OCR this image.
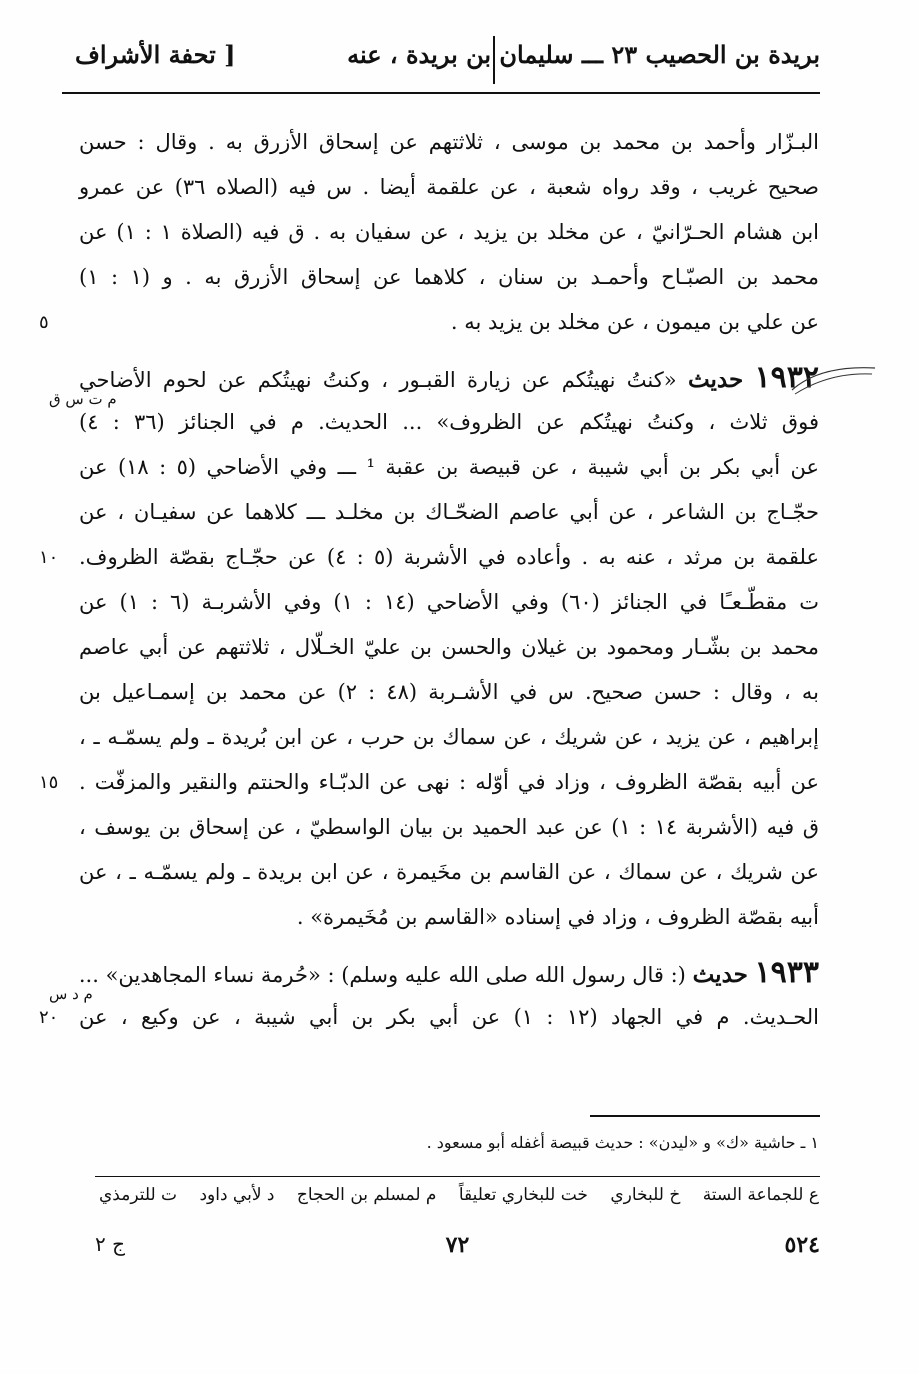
بريدة بن الحصيب ٢٣ ـــ سليمان بن بريدة ، عنه
[ تحفة الأشراف
البـزّار وأحمد بن محمد بن موسى ، ثلاثتهم عن إسحاق الأزرق به . وقال : حسن
صحيح غريب ، وقد رواه شعبة ، عن علقمة أيضا . س فيه (الصلاه ٣٦) عن عمرو
ابن هشام الحـرّانيّ ، عن مخلد بن يزيد ، عن سفيان به . ق فيه (الصلاة ١ : ١) عن
محمد بن الصبّـاح وأحمـد بن سنان ، كلاهما عن إسحاق الأزرق به . و (١ : ١)
عن علي بن ميمون ، عن مخلد بن يزيد به .
٥
١٩٣٢ حديث «كنتُ نهيتُكم عن زيارة القبـور ، وكنتُ نهيتُكم عن لحوم الأضاحي
م ت س ق
فوق ثلاث ، وكنتُ نهيتُكم عن الظروف» ... الحديث. م في الجنائز (٣٦ : ٤)
عن أبي بكر بن أبي شيبة ، عن قبيصة بن عقبة ¹ ـــ وفي الأضاحي (٥ : ١٨) عن
حجّـاج بن الشاعر ، عن أبي عاصم الضحّـاك بن مخلـد ـــ كلاهما عن سفيـان ، عن
علقمة بن مرثد ، عنه به . وأعاده في الأشربة (٥ : ٤) عن حجّـاج بقصّة الظروف.
١٠
ت مقطّـعـًا في الجنائز (٦٠) وفي الأضاحي (١٤ : ١) وفي الأشربـة (٦ : ١) عن
محمد بن بشّـار ومحمود بن غيلان والحسن بن عليّ الخـلّال ، ثلاثتهم عن أبي عاصم
به ، وقال : حسن صحيح. س في الأشـربة (٤٨ : ٢) عن محمد بن إسمـاعيل بن
إبراهيم ، عن يزيد ، عن شريك ، عن سماك بن حرب ، عن ابن بُريدة ـ ولم يسمّـه ـ ،
عن أبيه بقصّة الظروف ، وزاد في أوّله : نهى عن الدبّـاء والحنتم والنقير والمزفّت .
١٥
ق فيه (الأشربة ١٤ : ١) عن عبد الحميد بن بيان الواسطيّ ، عن إسحاق بن يوسف ،
عن شريك ، عن سماك ، عن القاسم بن مخَيمرة ، عن ابن بريدة ـ ولم يسمّـه ـ ، عن
أبيه بقصّة الظروف ، وزاد في إسناده «القاسم بن مُخَيمرة» .
١٩٣٣ حديث (: قال رسول الله صلى الله عليه وسلم) : «حُرمة نساء المجاهدين» ...
م د س
الحـديث. م في الجهاد (١٢ : ١) عن أبي بكر بن أبي شيبة ، عن وكيع ، عن
٢٠
١ ـ حاشية «ك» و «ليدن» : حديث قبيصة أغفله أبو مسعود .
ع للجماعة الستة
خ للبخاري
خت للبخاري تعليقاً
م لمسلم بن الحجاج
د لأبي داود
ت للترمذي
٥٢٤
٧٢
ج ٢
